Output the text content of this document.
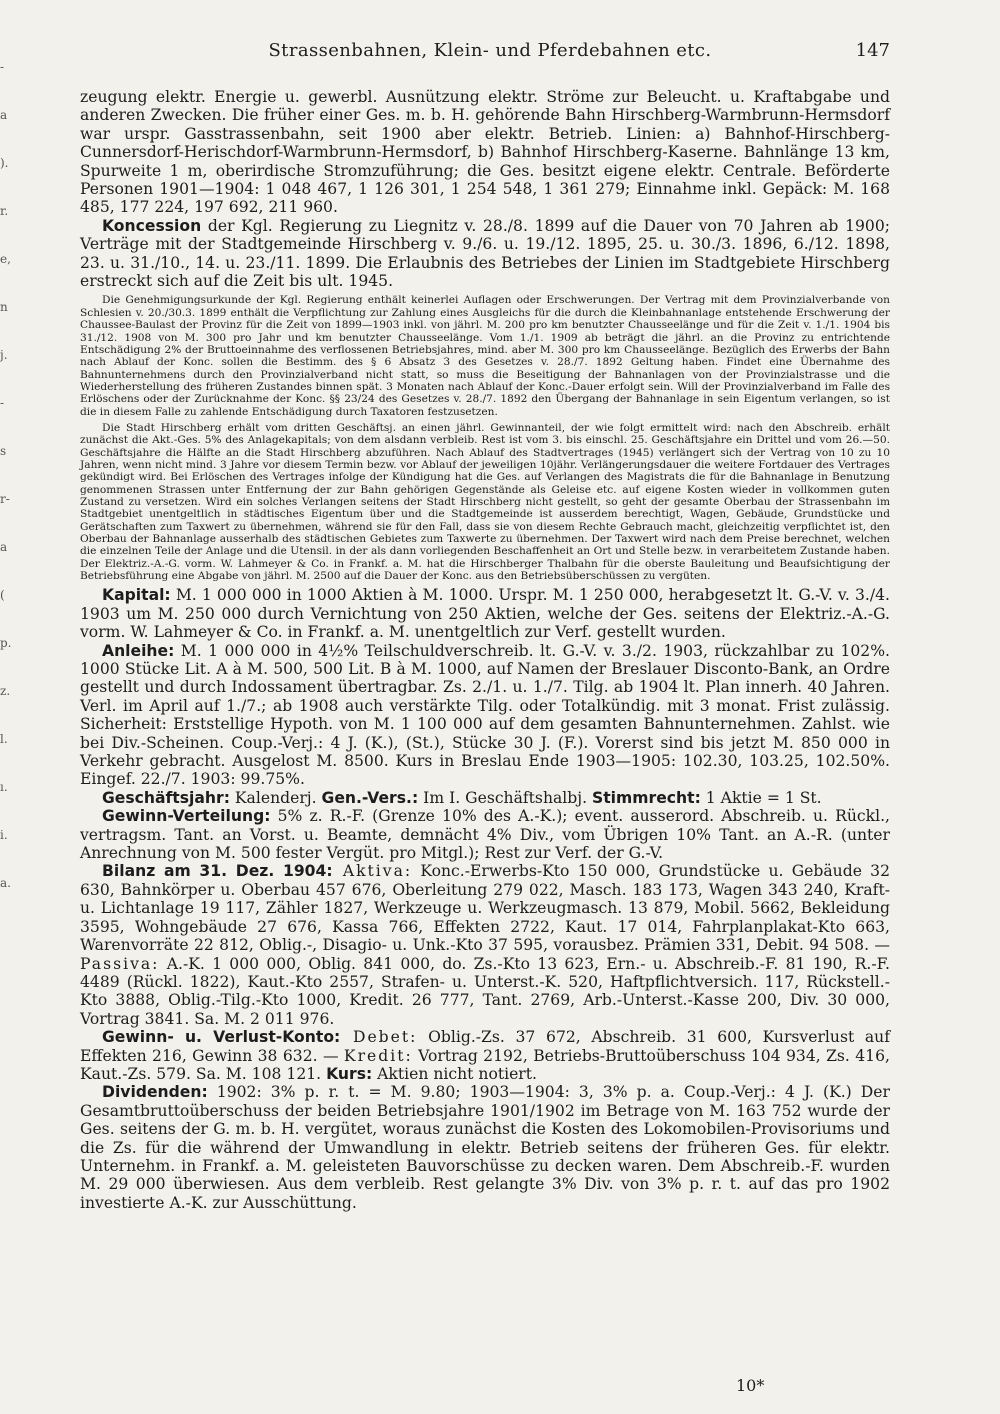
-
a
).
r.
e,
n
j.
-
s
r-
a
(
p.
z.
l.
ı.
i.
a.
Strassenbahnen, Klein- und Pferdebahnen etc.	147

zeugung elektr. Energie u. gewerbl. Ausnützung elektr. Ströme zur Beleucht. u. Kraftabgabe und anderen Zwecken. Die früher einer Ges. m. b. H. gehörende Bahn Hirschberg-Warmbrunn-Hermsdorf war urspr. Gasstrassenbahn, seit 1900 aber elektr. Betrieb. Linien: a) Bahnhof-Hirschberg-Cunnersdorf-Herischdorf-Warmbrunn-Hermsdorf, b) Bahnhof Hirschberg-Kaserne. Bahnlänge 13 km, Spurweite 1 m, oberirdische Stromzuführung; die Ges. besitzt eigene elektr. Centrale. Beförderte Personen 1901—1904: 1 048 467, 1 126 301, 1 254 548, 1 361 279; Einnahme inkl. Gepäck: M. 168 485, 177 224, 197 692, 211 960.

Koncession der Kgl. Regierung zu Liegnitz v. 28./8. 1899 auf die Dauer von 70 Jahren ab 1900; Verträge mit der Stadtgemeinde Hirschberg v. 9./6. u. 19./12. 1895, 25. u. 30./3. 1896, 6./12. 1898, 23. u. 31./10., 14. u. 23./11. 1899. Die Erlaubnis des Betriebes der Linien im Stadtgebiete Hirschberg erstreckt sich auf die Zeit bis ult. 1945.

Die Genehmigungsurkunde der Kgl. Regierung enthält keinerlei Auflagen oder Erschwerungen. Der Vertrag mit dem Provinzialverbande von Schlesien v. 20./30.3. 1899 enthält die Verpflichtung zur Zahlung eines Ausgleichs für die durch die Kleinbahnanlage entstehende Erschwerung der Chaussee-Baulast der Provinz für die Zeit von 1899—1903 inkl. von jährl. M. 200 pro km benutzter Chausseelänge und für die Zeit v. 1./1. 1904 bis 31./12. 1908 von M. 300 pro Jahr und km benutzter Chausseelänge. Vom 1./1. 1909 ab beträgt die jährl. an die Provinz zu entrichtende Entschädigung 2% der Bruttoeinnahme des verflossenen Betriebsjahres, mind. aber M. 300 pro km Chausseelänge. Bezüglich des Erwerbs der Bahn nach Ablauf der Konc. sollen die Bestimm. des § 6 Absatz 3 des Gesetzes v. 28./7. 1892 Geltung haben. Findet eine Übernahme des Bahnunternehmens durch den Provinzialverband nicht statt, so muss die Beseitigung der Bahnanlagen von der Provinzialstrasse und die Wiederherstellung des früheren Zustandes binnen spät. 3 Monaten nach Ablauf der Konc.-Dauer erfolgt sein. Will der Provinzialverband im Falle des Erlöschens oder der Zurücknahme der Konc. §§ 23/24 des Gesetzes v. 28./7. 1892 den Übergang der Bahnanlage in sein Eigentum verlangen, so ist die in diesem Falle zu zahlende Entschädigung durch Taxatoren festzusetzen.

Die Stadt Hirschberg erhält vom dritten Geschäftsj. an einen jährl. Gewinnanteil, der wie folgt ermittelt wird: nach den Abschreib. erhält zunächst die Akt.-Ges. 5% des Anlagekapitals; von dem alsdann verbleib. Rest ist vom 3. bis einschl. 25. Geschäftsjahre ein Drittel und vom 26.—50. Geschäftsjahre die Hälfte an die Stadt Hirschberg abzuführen. Nach Ablauf des Stadtvertrages (1945) verlängert sich der Vertrag von 10 zu 10 Jahren, wenn nicht mind. 3 Jahre vor diesem Termin bezw. vor Ablauf der jeweiligen 10jähr. Verlängerungsdauer die weitere Fortdauer des Vertrages gekündigt wird. Bei Erlöschen des Vertrages infolge der Kündigung hat die Ges. auf Verlangen des Magistrats die für die Bahnanlage in Benutzung genommenen Strassen unter Entfernung der zur Bahn gehörigen Gegenstände als Geleise etc. auf eigene Kosten wieder in vollkommen guten Zustand zu versetzen. Wird ein solches Verlangen seitens der Stadt Hirschberg nicht gestellt, so geht der gesamte Oberbau der Strassenbahn im Stadtgebiet unentgeltlich in städtisches Eigentum über und die Stadtgemeinde ist ausserdem berechtigt, Wagen, Gebäude, Grundstücke und Gerätschaften zum Taxwert zu übernehmen, während sie für den Fall, dass sie von diesem Rechte Gebrauch macht, gleichzeitig verpflichtet ist, den Oberbau der Bahnanlage ausserhalb des städtischen Gebietes zum Taxwerte zu übernehmen. Der Taxwert wird nach dem Preise berechnet, welchen die einzelnen Teile der Anlage und die Utensil. in der als dann vorliegenden Beschaffenheit an Ort und Stelle bezw. in verarbeitetem Zustande haben. Der Elektriz.-A.-G. vorm. W. Lahmeyer & Co. in Frankf. a. M. hat die Hirschberger Thalbahn für die oberste Bauleitung und Beaufsichtigung der Betriebsführung eine Abgabe von jährl. M. 2500 auf die Dauer der Konc. aus den Betriebsüberschüssen zu vergüten.

Kapital: M. 1 000 000 in 1000 Aktien à M. 1000. Urspr. M. 1 250 000, herabgesetzt lt. G.-V. v. 3./4. 1903 um M. 250 000 durch Vernichtung von 250 Aktien, welche der Ges. seitens der Elektriz.-A.-G. vorm. W. Lahmeyer & Co. in Frankf. a. M. unentgeltlich zur Verf. gestellt wurden.

Anleihe: M. 1 000 000 in 4½% Teilschuldverschreib. lt. G.-V. v. 3./2. 1903, rückzahlbar zu 102%. 1000 Stücke Lit. A à M. 500, 500 Lit. B à M. 1000, auf Namen der Breslauer Disconto-Bank, an Ordre gestellt und durch Indossament übertragbar. Zs. 2./1. u. 1./7. Tilg. ab 1904 lt. Plan innerh. 40 Jahren. Verl. im April auf 1./7.; ab 1908 auch verstärkte Tilg. oder Totalkündig. mit 3 monat. Frist zulässig. Sicherheit: Erststellige Hypoth. von M. 1 100 000 auf dem gesamten Bahnunternehmen. Zahlst. wie bei Div.-Scheinen. Coup.-Verj.: 4 J. (K.), (St.), Stücke 30 J. (F.). Vorerst sind bis jetzt M. 850 000 in Verkehr gebracht. Ausgelost M. 8500. Kurs in Breslau Ende 1903—1905: 102.30, 103.25, 102.50%. Eingef. 22./7. 1903: 99.75%.

Geschäftsjahr: Kalenderj. Gen.-Vers.: Im I. Geschäftshalbj. Stimmrecht: 1 Aktie = 1 St.

Gewinn-Verteilung: 5% z. R.-F. (Grenze 10% des A.-K.); event. ausserord. Abschreib. u. Rückl., vertragsm. Tant. an Vorst. u. Beamte, demnächt 4% Div., vom Übrigen 10% Tant. an A.-R. (unter Anrechnung von M. 500 fester Vergüt. pro Mitgl.); Rest zur Verf. der G.-V.

Bilanz am 31. Dez. 1904: Aktiva: Konc.-Erwerbs-Kto 150 000, Grundstücke u. Gebäude 32 630, Bahnkörper u. Oberbau 457 676, Oberleitung 279 022, Masch. 183 173, Wagen 343 240, Kraft- u. Lichtanlage 19 117, Zähler 1827, Werkzeuge u. Werkzeugmasch. 13 879, Mobil. 5662, Bekleidung 3595, Wohngebäude 27 676, Kassa 766, Effekten 2722, Kaut. 17 014, Fahrplanplakat-Kto 663, Warenvorräte 22 812, Oblig.-, Disagio- u. Unk.-Kto 37 595, vorausbez. Prämien 331, Debit. 94 508. — Passiva: A.-K. 1 000 000, Oblig. 841 000, do. Zs.-Kto 13 623, Ern.- u. Abschreib.-F. 81 190, R.-F. 4489 (Rückl. 1822), Kaut.-Kto 2557, Strafen- u. Unterst.-K. 520, Haftpflichtversich. 117, Rückstell.-Kto 3888, Oblig.-Tilg.-Kto 1000, Kredit. 26 777, Tant. 2769, Arb.-Unterst.-Kasse 200, Div. 30 000, Vortrag 3841. Sa. M. 2 011 976.

Gewinn- u. Verlust-Konto: Debet: Oblig.-Zs. 37 672, Abschreib. 31 600, Kursverlust auf Effekten 216, Gewinn 38 632. — Kredit: Vortrag 2192, Betriebs-Bruttoüberschuss 104 934, Zs. 416, Kaut.-Zs. 579. Sa. M. 108 121. Kurs: Aktien nicht notiert.

Dividenden: 1902: 3% p. r. t. = M. 9.80; 1903—1904: 3, 3% p. a. Coup.-Verj.: 4 J. (K.) Der Gesamtbruttoüberschuss der beiden Betriebsjahre 1901/1902 im Betrage von M. 163 752 wurde der Ges. seitens der G. m. b. H. vergütet, woraus zunächst die Kosten des Lokomobilen-Provisoriums und die Zs. für die während der Umwandlung in elektr. Betrieb seitens der früheren Ges. für elektr. Unternehm. in Frankf. a. M. geleisteten Bauvorschüsse zu decken waren. Dem Abschreib.-F. wurden M. 29 000 überwiesen. Aus dem verbleib. Rest gelangte 3% Div. von 3% p. r. t. auf das pro 1902 investierte A.-K. zur Ausschüttung.

10*
